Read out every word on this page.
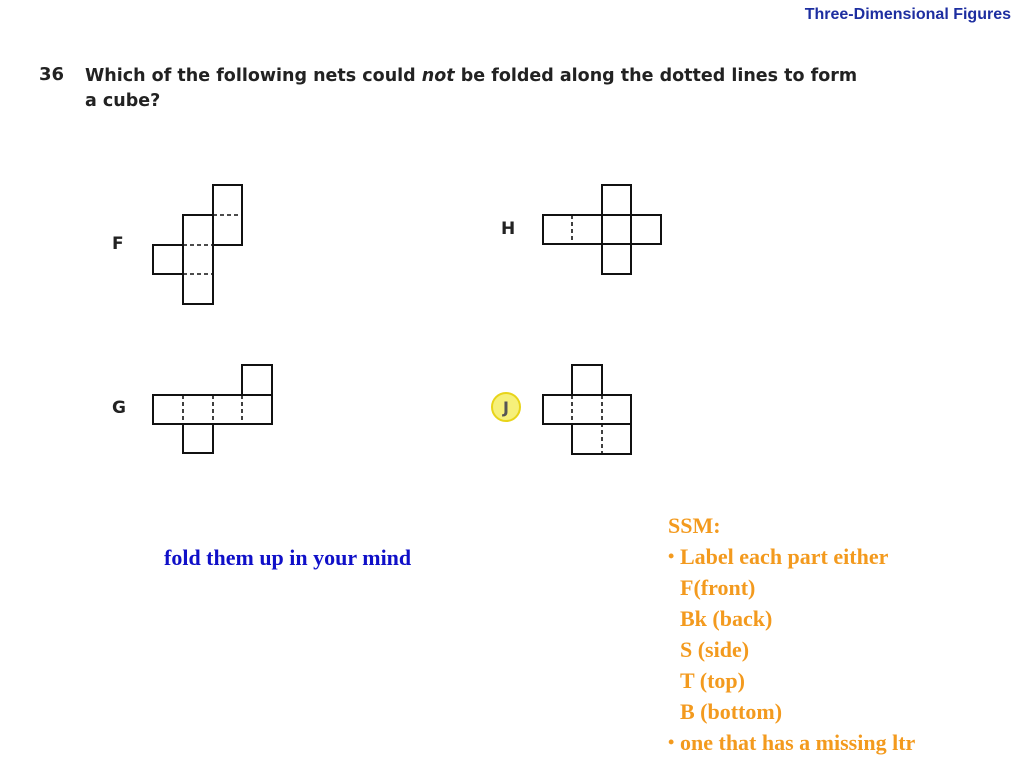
Three-Dimensional Figures
36 Which of the following nets could not be folded along the dotted lines to form a cube?
F
H
G	J
fold them up in your mind
SSM:
• Label each part either
F(front)
Bk (back)
S (side)
T (top)
B (bottom)
• one that has a missing ltr
